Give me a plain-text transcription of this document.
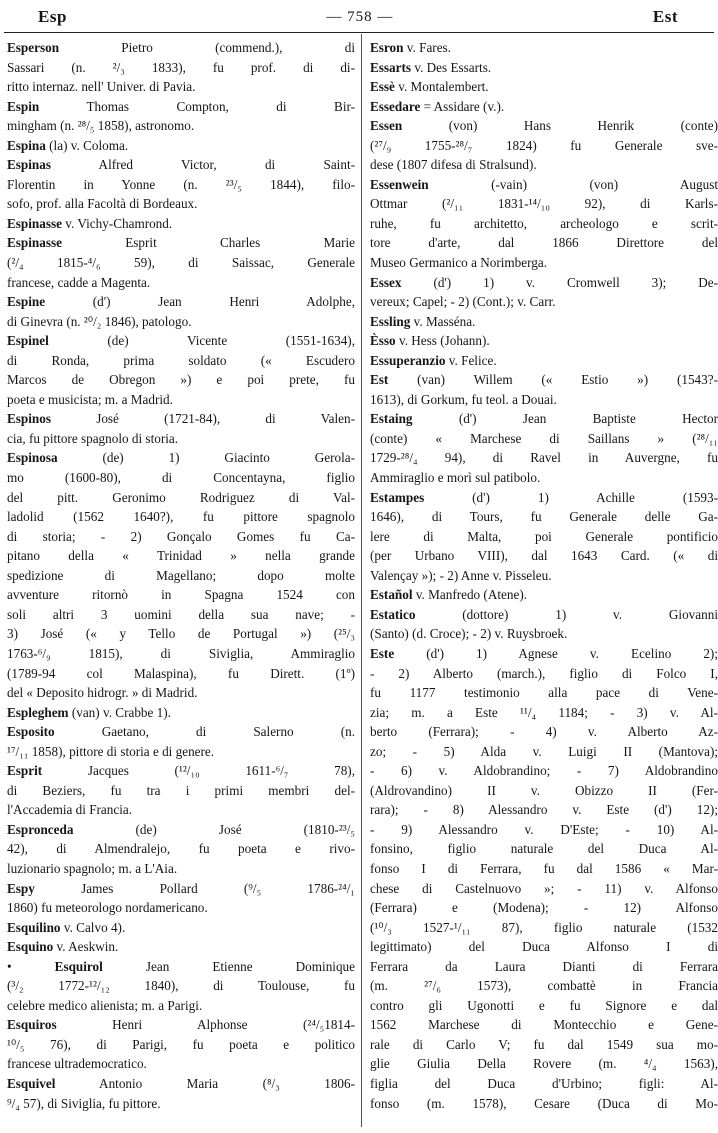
Esp	— 758 —	Est
Esperson Pietro (commend.), di
Sassari (n. ²/₃ 1833), fu prof. di di-
ritto internaz. nell' Univer. di Pavia.
Espin Thomas Compton, di Bir-
mingham (n. ²⁸/₅ 1858), astronomo.
Espina (la) v. Coloma.
Espinas Alfred Victor, di Saint-
Florentin in Yonne (n. ²³/₅ 1844), filo-
sofo, prof. alla Facoltà di Bordeaux.
Espinasse v. Vichy-Chamrond.
Espinasse Esprit Charles Marie
(²/₄ 1815-⁴/₆ 59), di Saissac, Generale
francese, cadde a Magenta.
Espine (d') Jean Henri Adolphe,
di Ginevra (n. ²⁰/₂ 1846), patologo.
Espinel (de) Vicente (1551-1634),
di Ronda, prima soldato (« Escudero
Marcos de Obregon ») e poi prete, fu
poeta e musicista; m. a Madrid.
Espinos José (1721-84), di Valen-
cia, fu pittore spagnolo di storia.
Espinosa (de) 1) Giacinto Gerola-
mo (1600-80), di Concentayna, figlio
del pitt. Geronimo Rodriguez di Val-
ladolid (1562 1640?), fu pittore spagnolo
di storia; - 2) Gonçalo Gomes fu Ca-
pitano della « Trinidad » nella grande
spedizione di Magellano; dopo molte
avventure ritornò in Spagna 1524 con
soli altri 3 uomini della sua nave; -
3) José (« y Tello de Portugal ») (²⁵/₃
1763-⁶/₉ 1815), di Siviglia, Ammiraglio
(1789-94 col Malaspina), fu Dirett. (1º)
del « Deposito hidrogr. » di Madrid.
Espleghem (van) v. Crabbe 1).
Esposito Gaetano, di Salerno (n.
¹⁷/₁₁ 1858), pittore di storia e di genere.
Esprit Jacques (¹²/₁₀ 1611-⁶/₇ 78),
di Beziers, fu tra i primi membri del-
l'Accademia di Francia.
Espronceda (de) José (1810-²³/₅
42), di Almendralejo, fu poeta e rivo-
luzionario spagnolo; m. a L'Aia.
Espy James Pollard (⁹/₅ 1786-²⁴/₁
1860) fu meteorologo nordamericano.
Esquilino v. Calvo 4).
Esquino v. Aeskwin.
• Esquirol Jean Etienne Dominique
(³/₂ 1772-¹²/₁₂ 1840), di Toulouse, fu
celebre medico alienista; m. a Parigi.
Esquiros Henri Alphonse (²⁴/₅1814-
¹⁰/₅ 76), di Parigi, fu poeta e politico
francese ultrademocratico.
Esquivel Antonio Maria (⁸/₃ 1806-
⁹/₄ 57), di Siviglia, fu pittore.
Esron v. Fares.
Essarts v. Des Essarts.
Essè v. Montalembert.
Essedare = Assidare (v.).
Essen (von) Hans Henrik (conte)
(²⁷/₉ 1755-²⁸/₇ 1824) fu Generale sve-
dese (1807 difesa di Stralsund).
Essenwein (-vain) (von) August
Ottmar (²/₁₁ 1831-¹⁴/₁₀ 92), di Karls-
ruhe, fu architetto, archeologo e scrit-
tore d'arte, dal 1866 Direttore del
Museo Germanico a Norimberga.
Essex (d') 1) v. Cromwell 3); De-
vereux; Capel; - 2) (Cont.); v. Carr.
Essling v. Masséna.
Èsso v. Hess (Johann).
Essuperanzio v. Felice.
Est (van) Willem (« Estio ») (1543?-
1613), di Gorkum, fu teol. a Douai.
Estaing (d') Jean Baptiste Hector
(conte) « Marchese di Saillans » (²⁸/₁₁
1729-²⁸/₄ 94), di Ravel in Auvergne, fu
Ammiraglio e morì sul patibolo.
Estampes (d') 1) Achille (1593-
1646), di Tours, fu Generale delle Ga-
lere di Malta, poi Generale pontificio
(per Urbano VIII), dal 1643 Card. (« di
Valençay »); - 2) Anne v. Pisseleu.
Estañol v. Manfredo (Atene).
Estatico (dottore) 1) v. Giovanni
(Santo) (d. Croce); - 2) v. Ruysbroek.
Este (d') 1) Agnese v. Ecelino 2);
- 2) Alberto (march.), figlio di Folco I,
fu 1177 testimonio alla pace di Vene-
zia; m. a Este ¹¹/₄ 1184; - 3) v. Al-
berto (Ferrara); - 4) v. Alberto Az-
zo; - 5) Alda v. Luigi II (Mantova);
- 6) v. Aldobrandino; - 7) Aldobrandino
(Aldrovandino) II v. Obizzo II (Fer-
rara); - 8) Alessandro v. Este (d') 12);
- 9) Alessandro v. D'Este; - 10) Al-
fonsino, figlio naturale del Duca Al-
fonso I di Ferrara, fu dal 1586 « Mar-
chese di Castelnuovo »; - 11) v. Alfonso
(Ferrara) e (Modena); - 12) Alfonso
(¹⁰/₃ 1527-¹/₁₁ 87), figlio naturale (1532
legittimato) del Duca Alfonso I di
Ferrara da Laura Dianti di Ferrara
(m. ²⁷/₆ 1573), combattè in Francia
contro gli Ugonotti e fu Signore e dal
1562 Marchese di Montecchio e Gene-
rale di Carlo V; fu dal 1549 sua mo-
glie Giulia Della Rovere (m. ⁴/₄ 1563),
figlia del Duca d'Urbino; figli: Al-
fonso (m. 1578), Cesare (Duca di Mo-
